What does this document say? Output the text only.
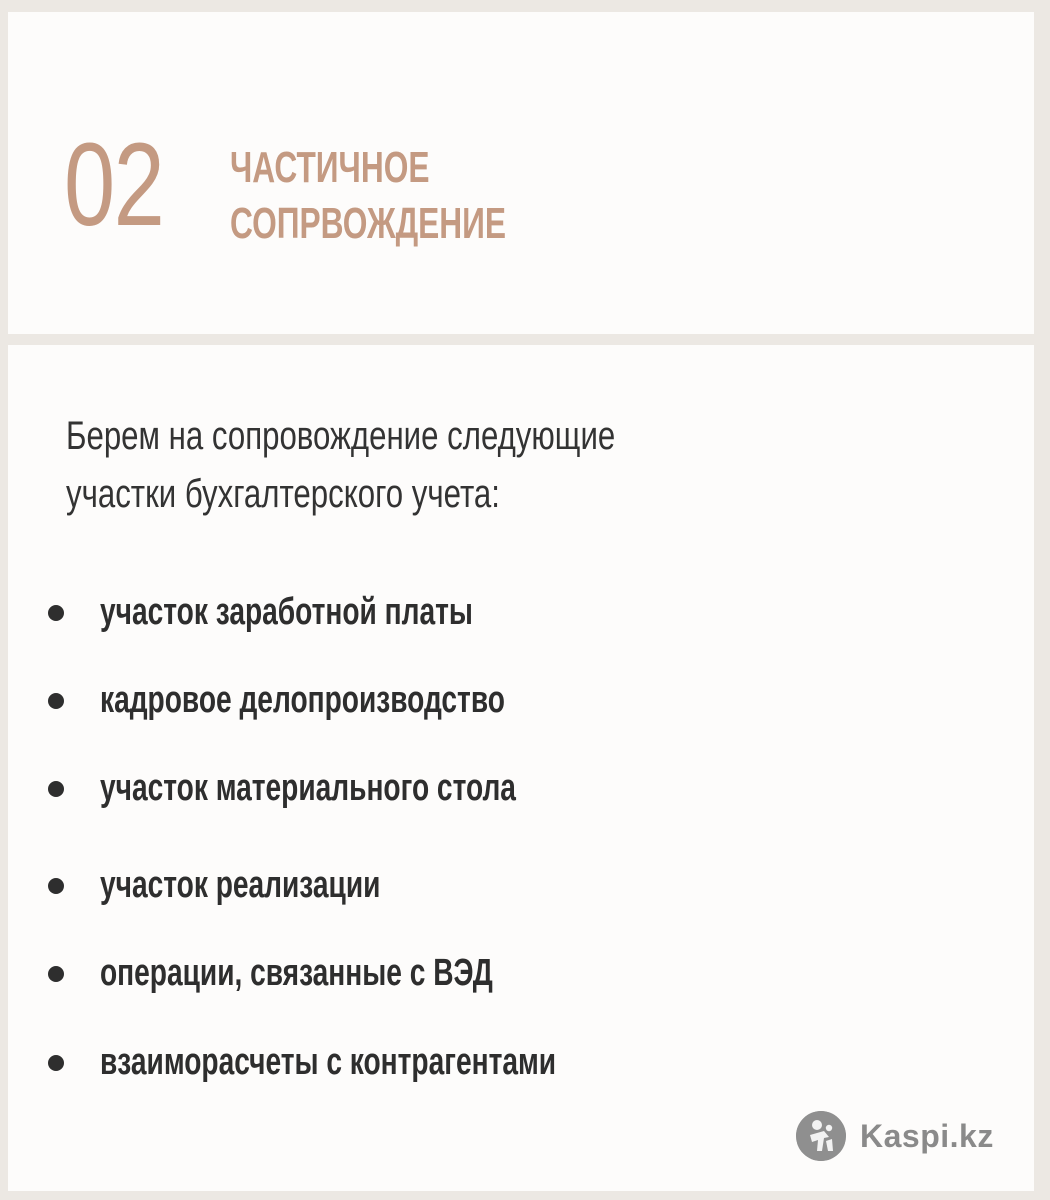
02 ЧАСТИЧНОЕ
СОПРВОЖДЕНИЕ
Берем на сопровождение следующие
участки бухгалтерского учета:
участок заработной платы
кадровое делопроизводство
участок материального стола
участок реализации
операции, связанные с ВЭД
взаиморасчеты с контрагентами
Kaspi.kz
